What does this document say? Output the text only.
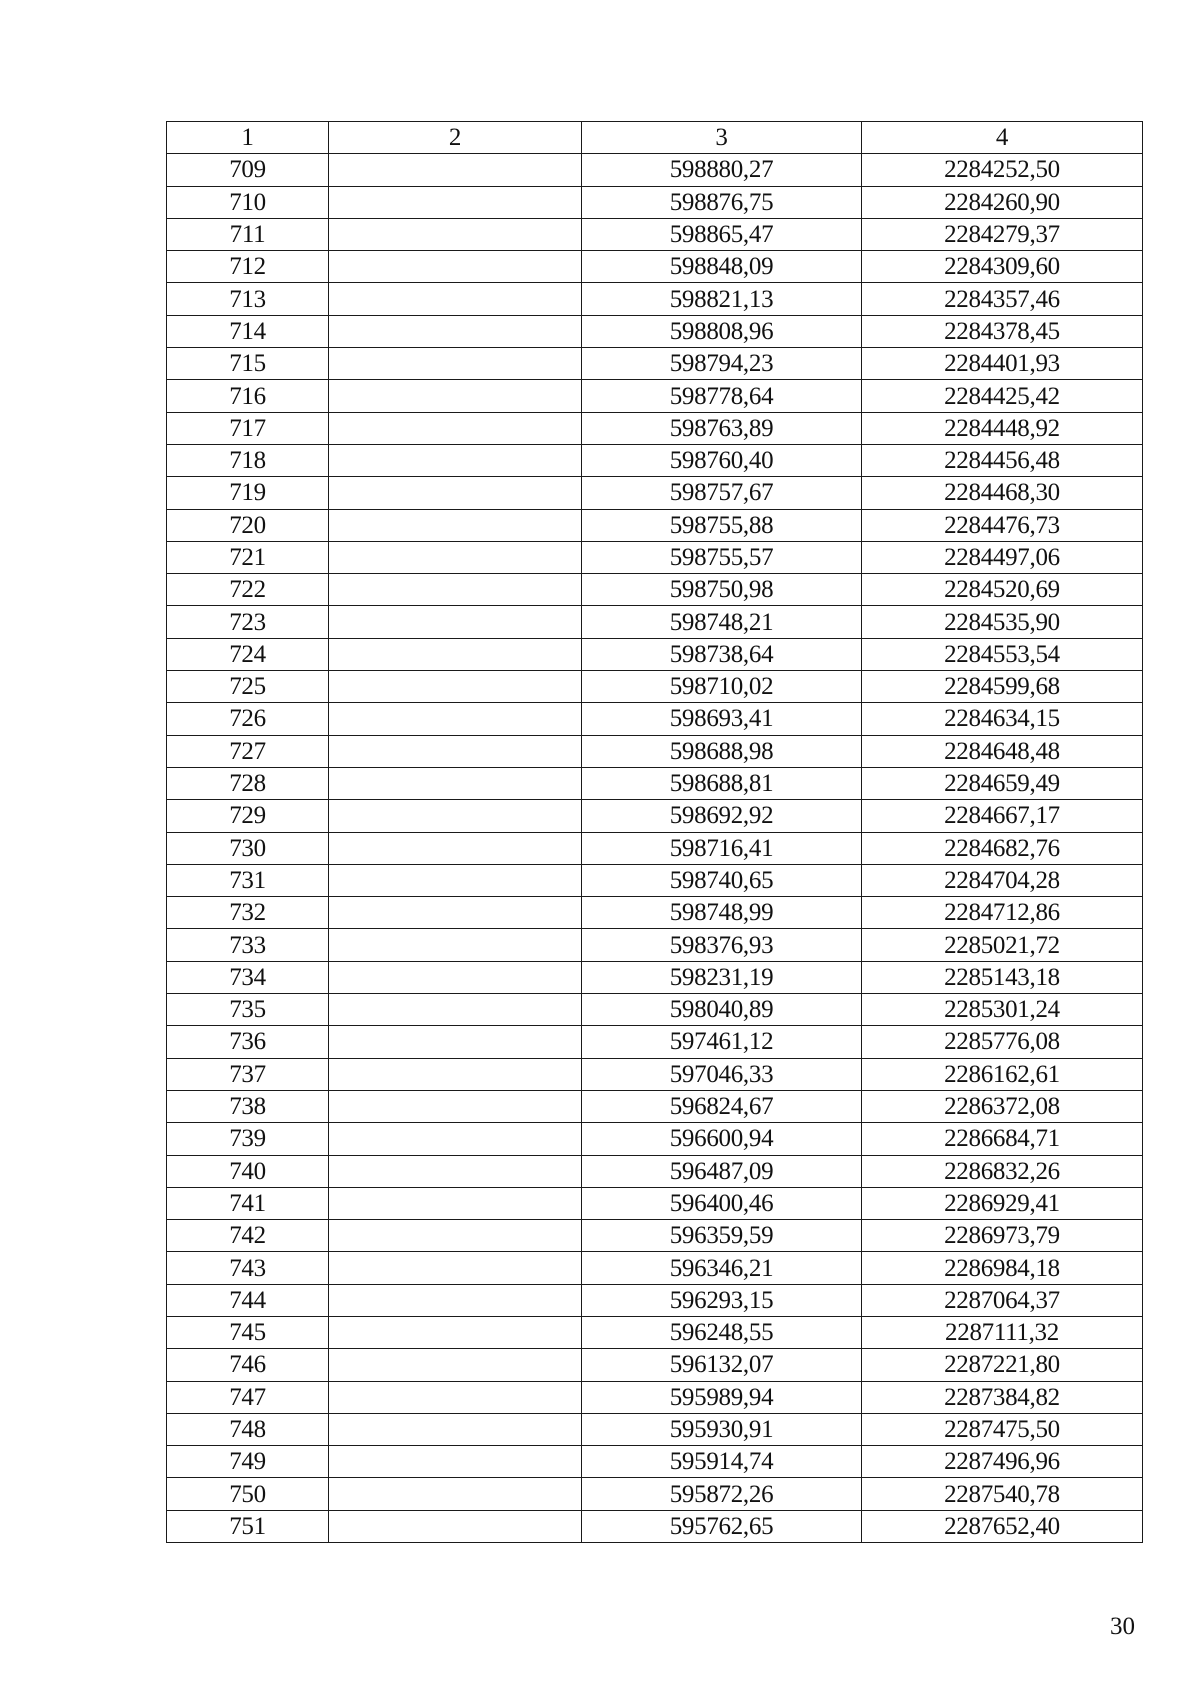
1	2	3	4
709		598880,27	2284252,50
710		598876,75	2284260,90
711		598865,47	2284279,37
712		598848,09	2284309,60
713		598821,13	2284357,46
714		598808,96	2284378,45
715		598794,23	2284401,93
716		598778,64	2284425,42
717		598763,89	2284448,92
718		598760,40	2284456,48
719		598757,67	2284468,30
720		598755,88	2284476,73
721		598755,57	2284497,06
722		598750,98	2284520,69
723		598748,21	2284535,90
724		598738,64	2284553,54
725		598710,02	2284599,68
726		598693,41	2284634,15
727		598688,98	2284648,48
728		598688,81	2284659,49
729		598692,92	2284667,17
730		598716,41	2284682,76
731		598740,65	2284704,28
732		598748,99	2284712,86
733		598376,93	2285021,72
734		598231,19	2285143,18
735		598040,89	2285301,24
736		597461,12	2285776,08
737		597046,33	2286162,61
738		596824,67	2286372,08
739		596600,94	2286684,71
740		596487,09	2286832,26
741		596400,46	2286929,41
742		596359,59	2286973,79
743		596346,21	2286984,18
744		596293,15	2287064,37
745		596248,55	2287111,32
746		596132,07	2287221,80
747		595989,94	2287384,82
748		595930,91	2287475,50
749		595914,74	2287496,96
750		595872,26	2287540,78
751		595762,65	2287652,40
30
